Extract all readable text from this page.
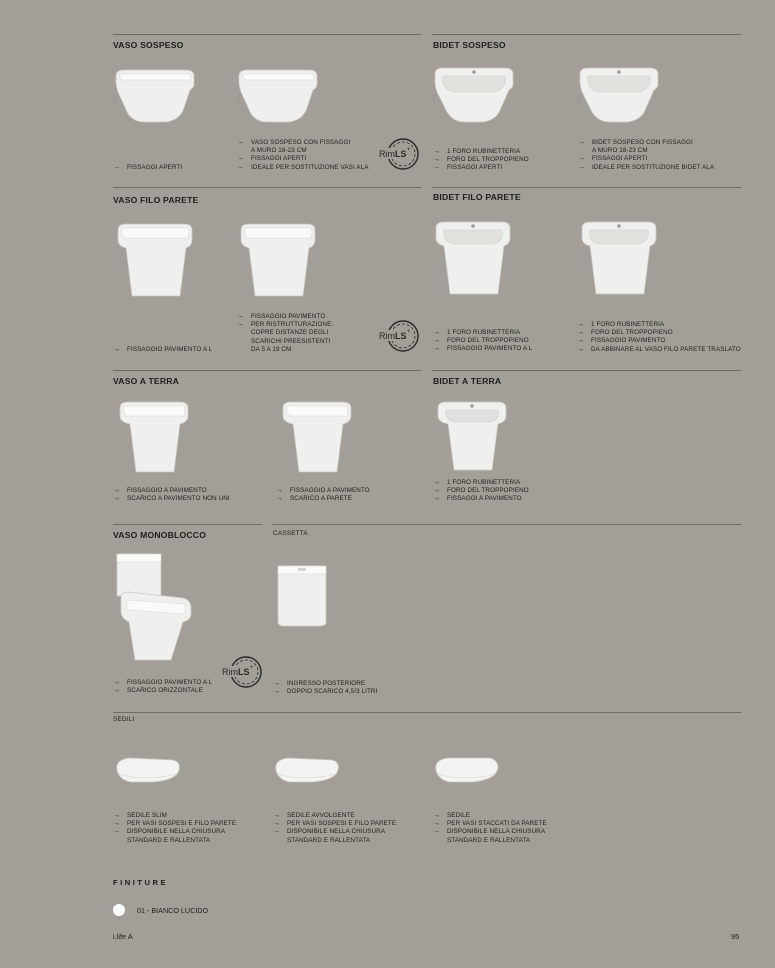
VASO SOSPESO	BIDET SOSPESO
→ FISSAGGI APERTI
→ VASO SOSPESO CON FISSAGGI
A MURO 18-23 CM
→ FISSAGGI APERTI
→ IDEALE PER SOSTITUZIONE VASI ALA
Rim LS +	→ 1 FORO RUBINETTERIA
→ FORO DEL TROPPOPIENO
→ FISSAGGI APERTI
→ BIDET SOSPESO CON FISSAGGI
A MURO 18-23 CM
→ FISSAGGI APERTI
→ IDEALE PER SOSTITUZIONE BIDET ALA
VASO FILO PARETE	BIDET FILO PARETE
→ FISSAGGIO PAVIMENTO A L
→ FISSAGGIO PAVIMENTO
→ PER RISTRUTTURAZIONE:
COPRE DISTANZE DEGLI
SCARICHI PREESISTENTI
DA 5 A 19 CM
Rim LS +	→ 1 FORO RUBINETTERIA
→ FORO DEL TROPPOPIENO
→ FISSAGGIO PAVIMENTO A L
→ 1 FORO RUBINETTERIA
→ FORO DEL TROPPOPIENO
→ FISSAGGIO PAVIMENTO
→ DA ABBINARE AL VASO FILO PARETE TRASLATO
VASO A TERRA	BIDET A TERRA
→ FISSAGGIO A PAVIMENTO
→ SCARICO A PAVIMENTO NON UNI
→ FISSAGGIO A PAVIMENTO
→ SCARICO A PARETE
→ 1 FORO RUBINETTERIA
→ FORO DEL TROPPOPIENO
→ FISSAGGI A PAVIMENTO
VASO MONOBLOCCO	CASSETTA
→ FISSAGGIO PAVIMENTO A L
→ SCARICO ORIZZONTALE
Rim LS +
→ INGRESSO POSTERIORE
→ DOPPIO SCARICO 4,5/3 LITRI
SEDILI
→ SEDILE SLIM
→ PER VASI SOSPESI E FILO PARETE
→ DISPONIBILE NELLA CHIUSURA
STANDARD E RALLENTATA
→ SEDILE AVVOLGENTE
→ PER VASI SOSPESI E FILO PARETE
→ DISPONIBILE NELLA CHIUSURA
STANDARD E RALLENTATA
→ SEDILE
→ PER VASI STACCATI DA PARETE
→ DISPONIBILE NELLA CHIUSURA
STANDARD E RALLENTATA
FINITURE
01 - BIANCO LUCIDO
i.life A	95
